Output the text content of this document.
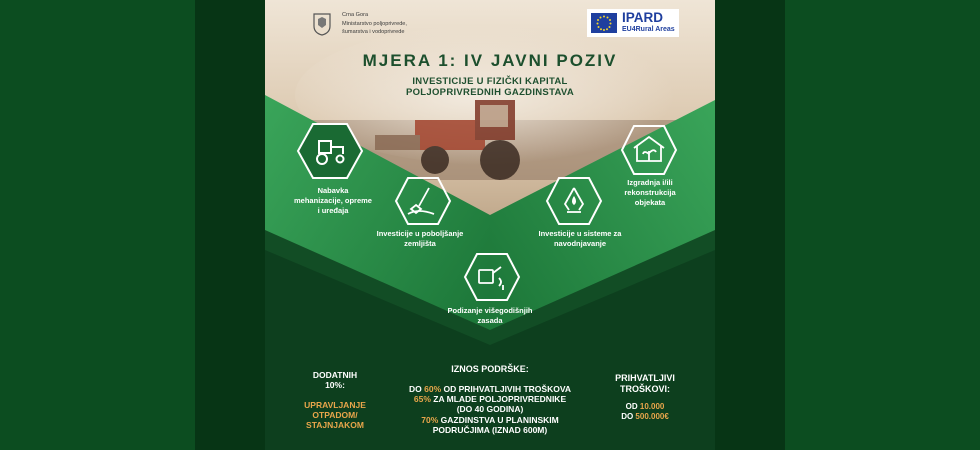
Crna Gora
Ministarstvo poljoprivrede,
šumarstva i vodoprivrede
IPARD
EU4Rural Areas
MJERA 1: IV JAVNI POZIV
INVESTICIJE U FIZIČKI KAPITAL
POLJOPRIVREDNIH GAZDINSTAVA
Nabavka
mehanizacije, opreme
i uređaja
Investicije u poboljšanje
zemljišta
Investicije u sisteme za
navodnjavanje
Izgradnja i/ili
rekonstrukcija
objekata
Podizanje višegodišnjih
zasada
DODATNIH
10%:
UPRAVLJANJE
OTPADOM/
STAJNJAKOM
IZNOS PODRŠKE:
DO 60% OD PRIHVATLJIVIH TROŠKOVA
65% ZA MLADE POLJOPRIVREDNIKE
(DO 40 GODINA)
70% GAZDINSTVA U PLANINSKIM
PODRUČJIMA (IZNAD 600M)
PRIHVATLJIVI
TROŠKOVI:
OD 10.000
DO 500.000€
